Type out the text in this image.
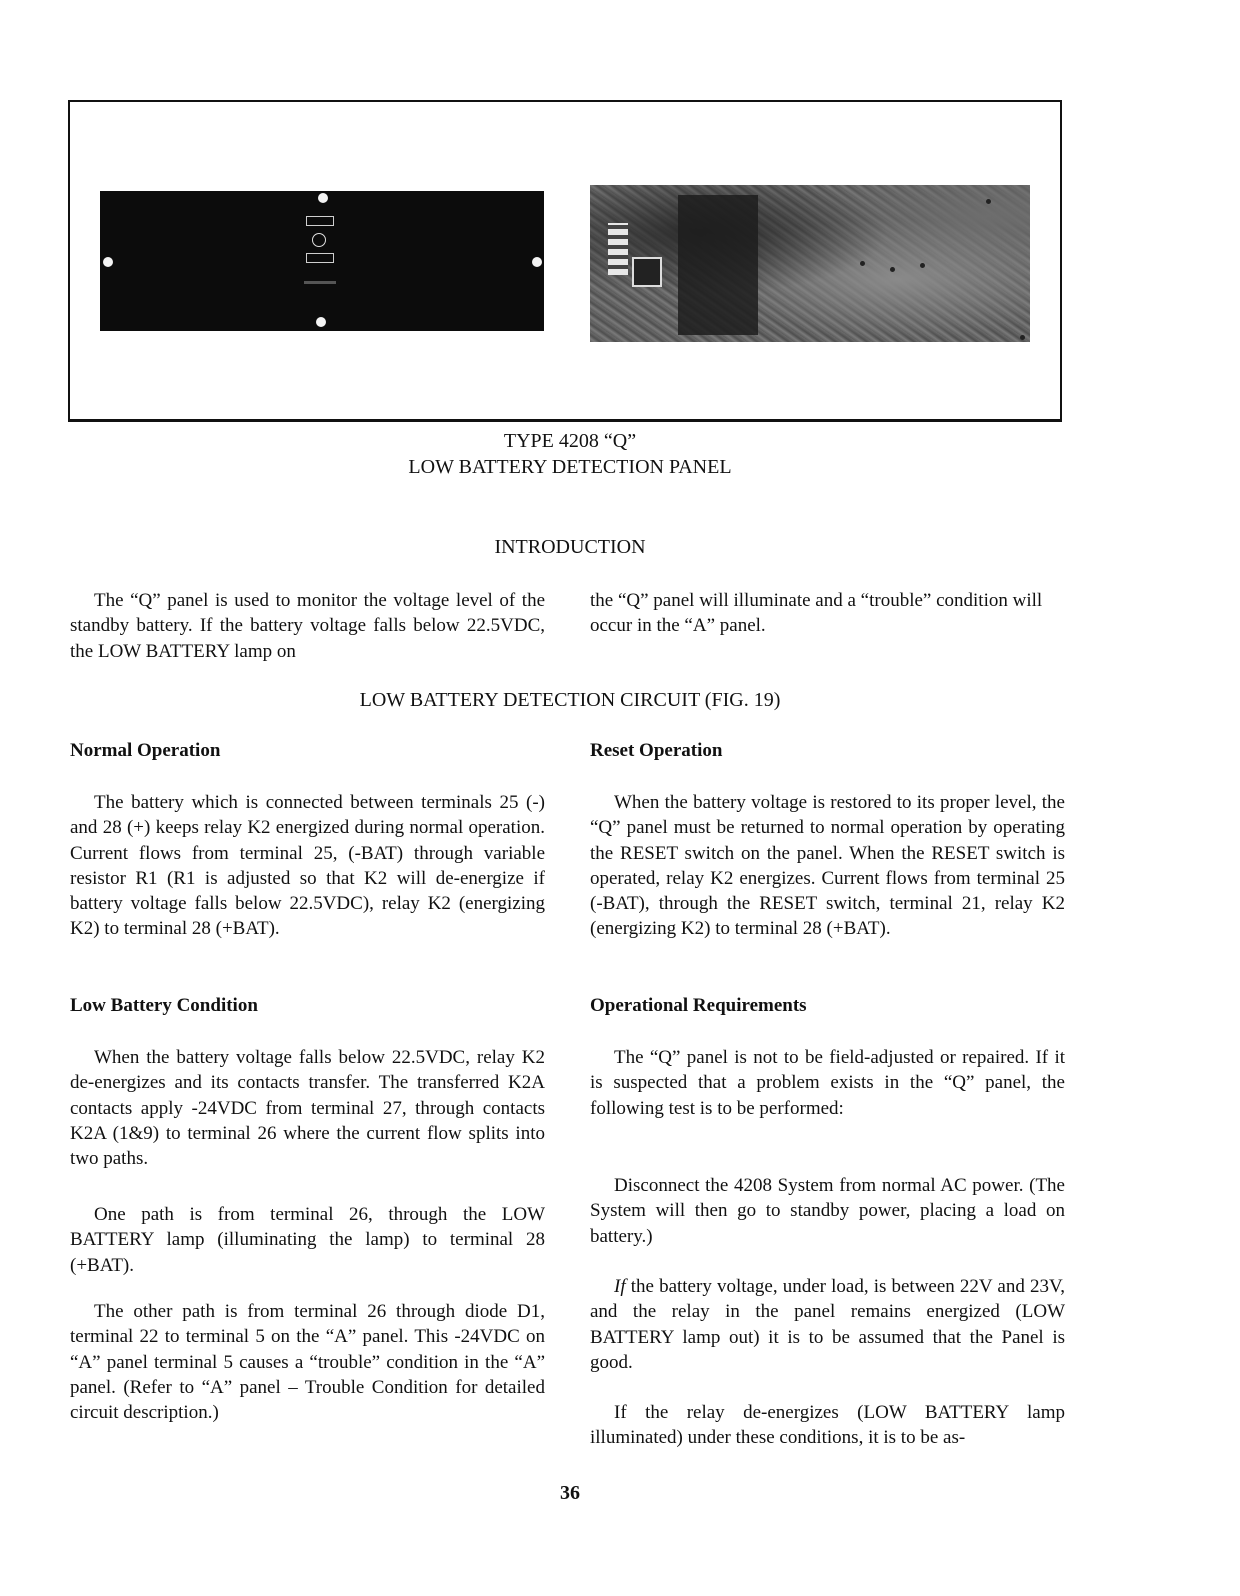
TYPE 4208 “Q”
LOW BATTERY DETECTION PANEL
INTRODUCTION

The “Q” panel is used to monitor the voltage level of the standby battery. If the battery voltage falls below 22.5VDC, the LOW BATTERY lamp on

the “Q” panel will illuminate and a “trouble” condition will occur in the “A” panel.

LOW BATTERY DETECTION CIRCUIT (FIG. 19)
Normal Operation

The battery which is connected between terminals 25 (-) and 28 (+) keeps relay K2 energized during normal operation. Current flows from terminal 25, (-BAT) through variable resistor R1 (R1 is adjusted so that K2 will de-energize if battery voltage falls below 22.5VDC), relay K2 (energizing K2) to terminal 28 (+BAT).

Low Battery Condition

When the battery voltage falls below 22.5VDC, relay K2 de-energizes and its contacts transfer. The transferred K2A contacts apply -24VDC from terminal 27, through contacts K2A (1&9) to terminal 26 where the current flow splits into two paths.

One path is from terminal 26, through the LOW BATTERY lamp (illuminating the lamp) to terminal 28 (+BAT).

The other path is from terminal 26 through diode D1, terminal 22 to terminal 5 on the “A” panel. This -24VDC on “A” panel terminal 5 causes a “trouble” condition in the “A” panel. (Refer to “A” panel – Trouble Condition for detailed circuit description.)

Reset Operation

When the battery voltage is restored to its proper level, the “Q” panel must be returned to normal operation by operating the RESET switch on the panel. When the RESET switch is operated, relay K2 energizes. Current flows from terminal 25 (-BAT), through the RESET switch, terminal 21, relay K2 (energizing K2) to terminal 28 (+BAT).

Operational Requirements

The “Q” panel is not to be field-adjusted or repaired. If it is suspected that a problem exists in the “Q” panel, the following test is to be performed:

Disconnect the 4208 System from normal AC power. (The System will then go to standby power, placing a load on battery.)

If the battery voltage, under load, is between 22V and 23V, and the relay in the panel remains energized (LOW BATTERY lamp out) it is to be assumed that the Panel is good.

If the relay de-energizes (LOW BATTERY lamp illuminated) under these conditions, it is to be as-

36
